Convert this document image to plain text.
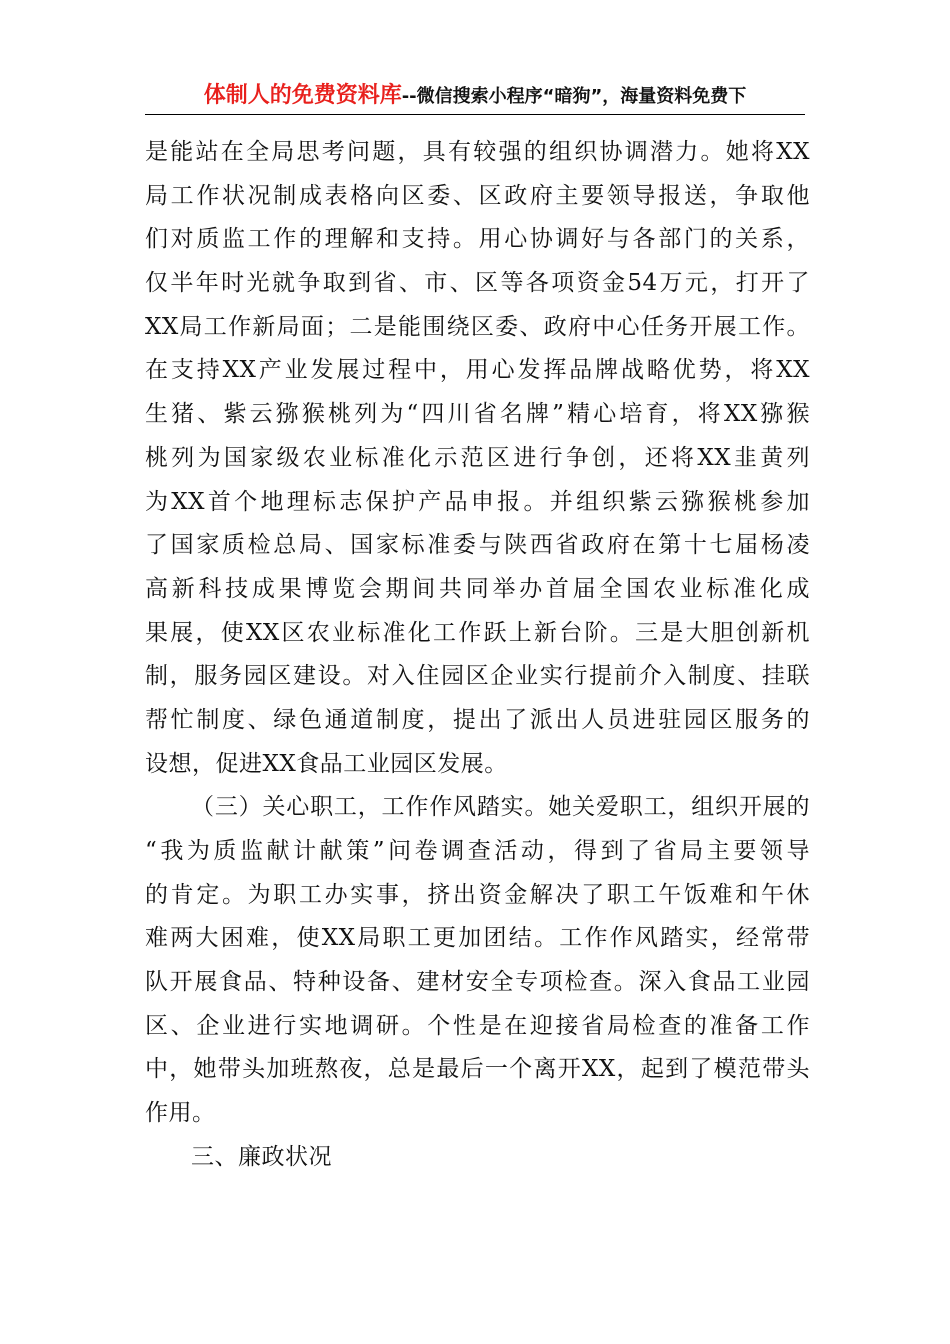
体制人的免费资料库--微信搜索小程序“暗狗”，海量资料免费下
是能站在全局思考问题，具有较强的组织协调潜力。她将XX
局工作状况制成表格向区委、区政府主要领导报送，争取他
们对质监工作的理解和支持。用心协调好与各部门的关系，
仅半年时光就争取到省、市、区等各项资金54万元，打开了
XX局工作新局面；二是能围绕区委、政府中心任务开展工作。
在支持XX产业发展过程中，用心发挥品牌战略优势，将XX
生猪、紫云猕猴桃列为“四川省名牌”精心培育，将XX猕猴
桃列为国家级农业标准化示范区进行争创，还将XX韭黄列
为XX首个地理标志保护产品申报。并组织紫云猕猴桃参加
了国家质检总局、国家标准委与陕西省政府在第十七届杨凌
高新科技成果博览会期间共同举办首届全国农业标准化成
果展，使XX区农业标准化工作跃上新台阶。三是大胆创新机
制，服务园区建设。对入住园区企业实行提前介入制度、挂联
帮忙制度、绿色通道制度，提出了派出人员进驻园区服务的
设想，促进XX食品工业园区发展。
（三）关心职工，工作作风踏实。她关爱职工，组织开展的
“我为质监献计献策”问卷调查活动，得到了省局主要领导
的肯定。为职工办实事，挤出资金解决了职工午饭难和午休
难两大困难，使XX局职工更加团结。工作作风踏实，经常带
队开展食品、特种设备、建材安全专项检查。深入食品工业园
区、企业进行实地调研。个性是在迎接省局检查的准备工作
中，她带头加班熬夜，总是最后一个离开XX，起到了模范带头
作用。
三、廉政状况
